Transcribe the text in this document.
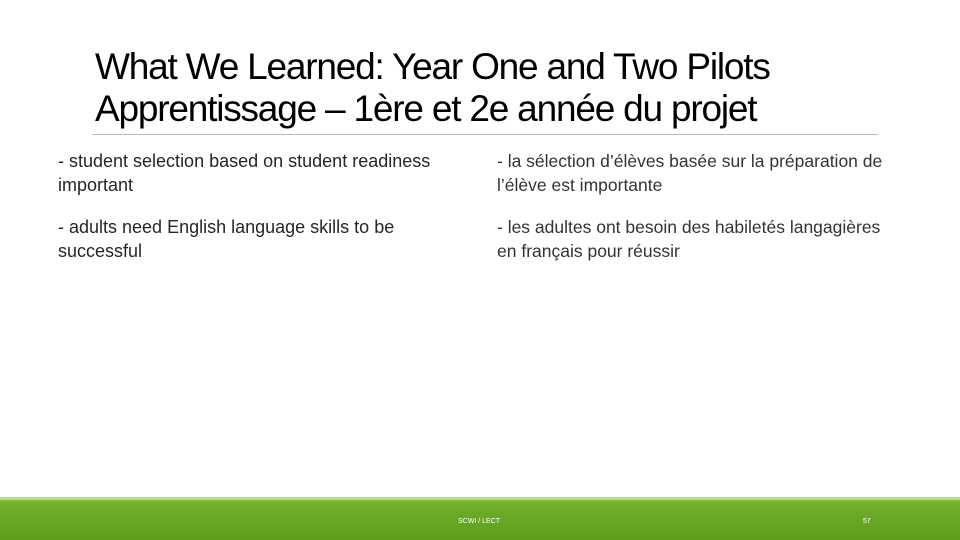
What We Learned: Year One and Two Pilots
Apprentissage – 1ère et 2e année du projet

- student selection based on student readiness important

- adults need English language skills to be successful

- la sélection d’élèves basée sur la préparation de l’élève est importante

- les adultes ont besoin des habiletés langagières en français pour réussir

SCWI / LECT	57
